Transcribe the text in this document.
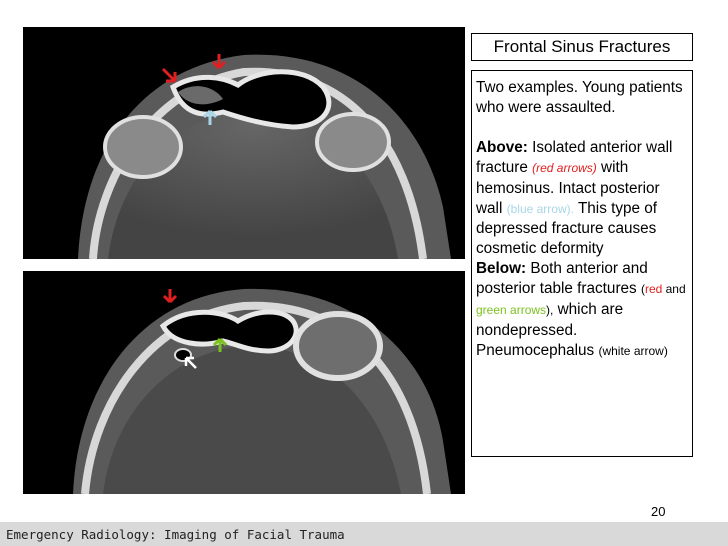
Frontal Sinus Fractures

Two examples. Young patients who were assaulted.

Above: Isolated anterior wall fracture (red arrows) with hemosinus. Intact posterior wall (blue arrow). This type of depressed fracture causes cosmetic deformity

Below: Both anterior and posterior table fractures (red and green arrows), which are nondepressed. Pneumocephalus (white arrow)

20
Emergency Radiology: Imaging of Facial Trauma
